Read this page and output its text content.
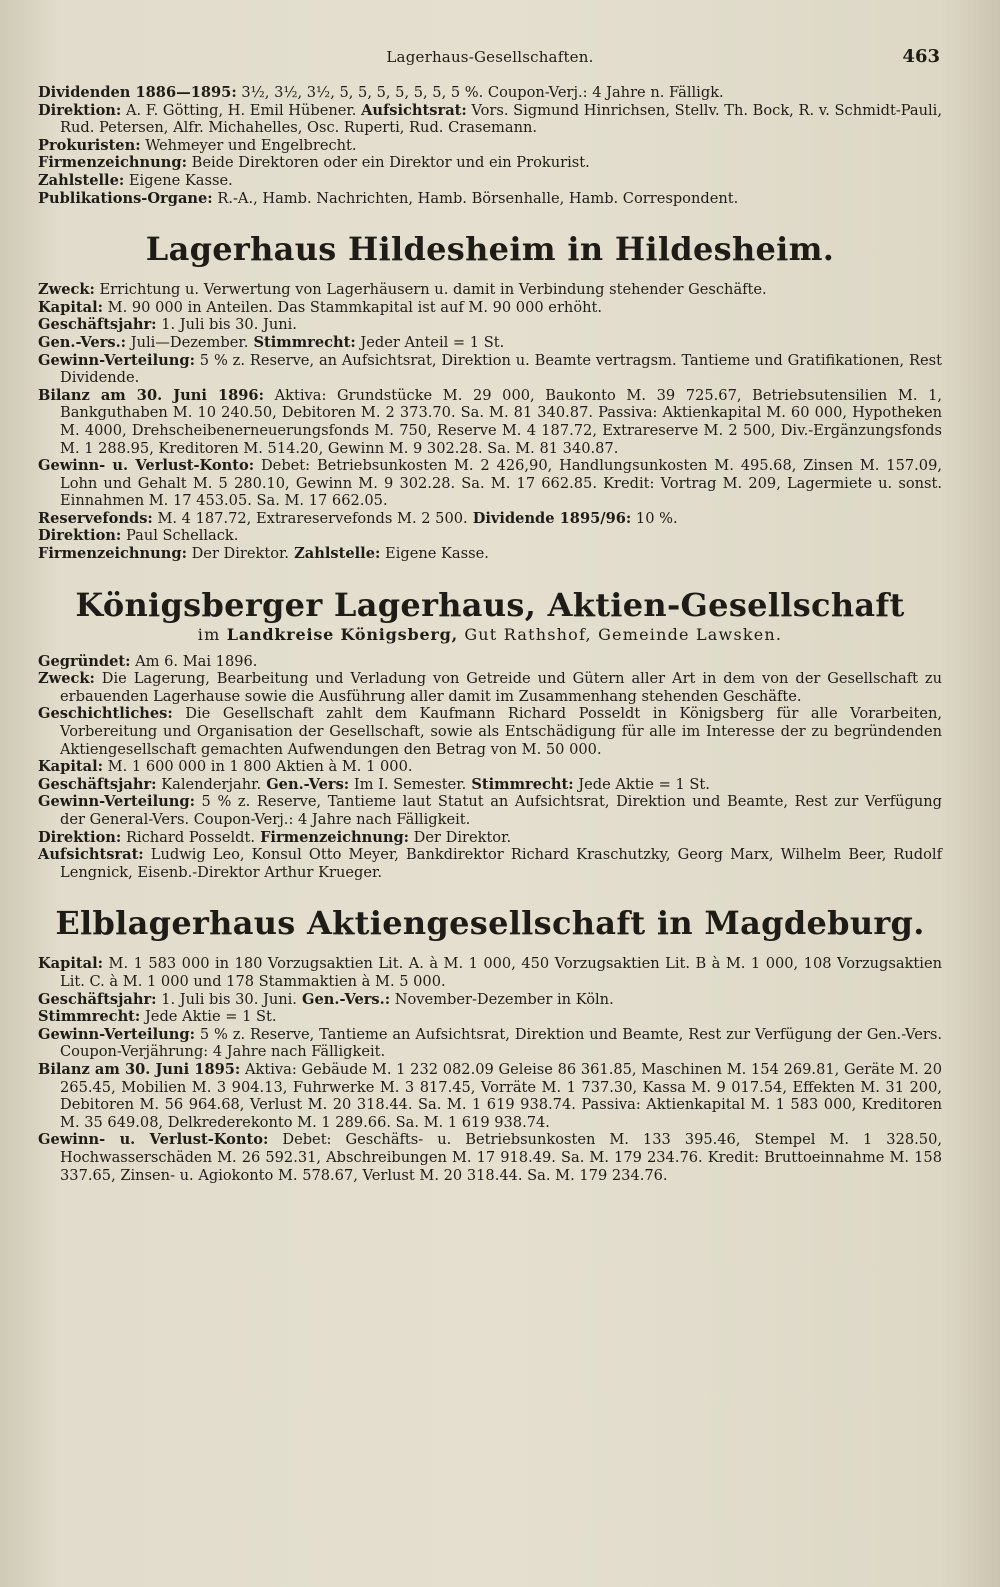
Lagerhaus-Gesellschaften.	463

Dividenden 1886—1895: 3½, 3½, 3½, 5, 5, 5, 5, 5, 5, 5 %. Coupon-Verj.: 4 Jahre n. Fälligk.

Direktion: A. F. Götting, H. Emil Hübener. Aufsichtsrat: Vors. Sigmund Hinrichsen, Stellv. Th. Bock, R. v. Schmidt-Pauli, Rud. Petersen, Alfr. Michahelles, Osc. Ruperti, Rud. Crasemann.

Prokuristen: Wehmeyer und Engelbrecht.

Firmenzeichnung: Beide Direktoren oder ein Direktor und ein Prokurist.

Zahlstelle: Eigene Kasse.

Publikations-Organe: R.-A., Hamb. Nachrichten, Hamb. Börsenhalle, Hamb. Correspondent.

Lagerhaus Hildesheim in Hildesheim.

Zweck: Errichtung u. Verwertung von Lagerhäusern u. damit in Verbindung stehender Geschäfte.

Kapital: M. 90 000 in Anteilen. Das Stammkapital ist auf M. 90 000 erhöht.

Geschäftsjahr: 1. Juli bis 30. Juni.

Gen.-Vers.: Juli—Dezember. Stimmrecht: Jeder Anteil = 1 St.

Gewinn-Verteilung: 5 % z. Reserve, an Aufsichtsrat, Direktion u. Beamte vertragsm. Tantieme und Gratifikationen, Rest Dividende.

Bilanz am 30. Juni 1896: Aktiva: Grundstücke M. 29 000, Baukonto M. 39 725.67, Betriebsutensilien M. 1, Bankguthaben M. 10 240.50, Debitoren M. 2 373.70. Sa. M. 81 340.87. Passiva: Aktienkapital M. 60 000, Hypotheken M. 4000, Drehscheibenerneuerungsfonds M. 750, Reserve M. 4 187.72, Extrareserve M. 2 500, Div.-Ergänzungsfonds M. 1 288.95, Kreditoren M. 514.20, Gewinn M. 9 302.28. Sa. M. 81 340.87.

Gewinn- u. Verlust-Konto: Debet: Betriebsunkosten M. 2 426,90, Handlungsunkosten M. 495.68, Zinsen M. 157.09, Lohn und Gehalt M. 5 280.10, Gewinn M. 9 302.28. Sa. M. 17 662.85. Kredit: Vortrag M. 209, Lagermiete u. sonst. Einnahmen M. 17 453.05. Sa. M. 17 662.05.

Reservefonds: M. 4 187.72, Extrareservefonds M. 2 500. Dividende 1895/96: 10 %.

Direktion: Paul Schellack.

Firmenzeichnung: Der Direktor. Zahlstelle: Eigene Kasse.

Königsberger Lagerhaus, Aktien-Gesellschaft
im Landkreise Königsberg, Gut Rathshof, Gemeinde Lawsken.

Gegründet: Am 6. Mai 1896.

Zweck: Die Lagerung, Bearbeitung und Verladung von Getreide und Gütern aller Art in dem von der Gesellschaft zu erbauenden Lagerhause sowie die Ausführung aller damit im Zusammenhang stehenden Geschäfte.

Geschichtliches: Die Gesellschaft zahlt dem Kaufmann Richard Posseldt in Königsberg für alle Vorarbeiten, Vorbereitung und Organisation der Gesellschaft, sowie als Entschädigung für alle im Interesse der zu begründenden Aktiengesellschaft gemachten Aufwendungen den Betrag von M. 50 000.

Kapital: M. 1 600 000 in 1 800 Aktien à M. 1 000.

Geschäftsjahr: Kalenderjahr. Gen.-Vers: Im I. Semester. Stimmrecht: Jede Aktie = 1 St.

Gewinn-Verteilung: 5 % z. Reserve, Tantieme laut Statut an Aufsichtsrat, Direktion und Beamte, Rest zur Verfügung der General-Vers. Coupon-Verj.: 4 Jahre nach Fälligkeit.

Direktion: Richard Posseldt. Firmenzeichnung: Der Direktor.

Aufsichtsrat: Ludwig Leo, Konsul Otto Meyer, Bankdirektor Richard Kraschutzky, Georg Marx, Wilhelm Beer, Rudolf Lengnick, Eisenb.-Direktor Arthur Krueger.

Elblagerhaus Aktiengesellschaft in Magdeburg.

Kapital: M. 1 583 000 in 180 Vorzugsaktien Lit. A. à M. 1 000, 450 Vorzugsaktien Lit. B à M. 1 000, 108 Vorzugsaktien Lit. C. à M. 1 000 und 178 Stammaktien à M. 5 000.

Geschäftsjahr: 1. Juli bis 30. Juni. Gen.-Vers.: November-Dezember in Köln.

Stimmrecht: Jede Aktie = 1 St.

Gewinn-Verteilung: 5 % z. Reserve, Tantieme an Aufsichtsrat, Direktion und Beamte, Rest zur Verfügung der Gen.-Vers. Coupon-Verjährung: 4 Jahre nach Fälligkeit.

Bilanz am 30. Juni 1895: Aktiva: Gebäude M. 1 232 082.09 Geleise 86 361.85, Maschinen M. 154 269.81, Geräte M. 20 265.45, Mobilien M. 3 904.13, Fuhrwerke M. 3 817.45, Vorräte M. 1 737.30, Kassa M. 9 017.54, Effekten M. 31 200, Debitoren M. 56 964.68, Verlust M. 20 318.44. Sa. M. 1 619 938.74. Passiva: Aktienkapital M. 1 583 000, Kreditoren M. 35 649.08, Delkrederekonto M. 1 289.66. Sa. M. 1 619 938.74.

Gewinn- u. Verlust-Konto: Debet: Geschäfts- u. Betriebsunkosten M. 133 395.46, Stempel M. 1 328.50, Hochwasserschäden M. 26 592.31, Abschreibungen M. 17 918.49. Sa. M. 179 234.76. Kredit: Bruttoeinnahme M. 158 337.65, Zinsen- u. Agiokonto M. 578.67, Verlust M. 20 318.44. Sa. M. 179 234.76.
